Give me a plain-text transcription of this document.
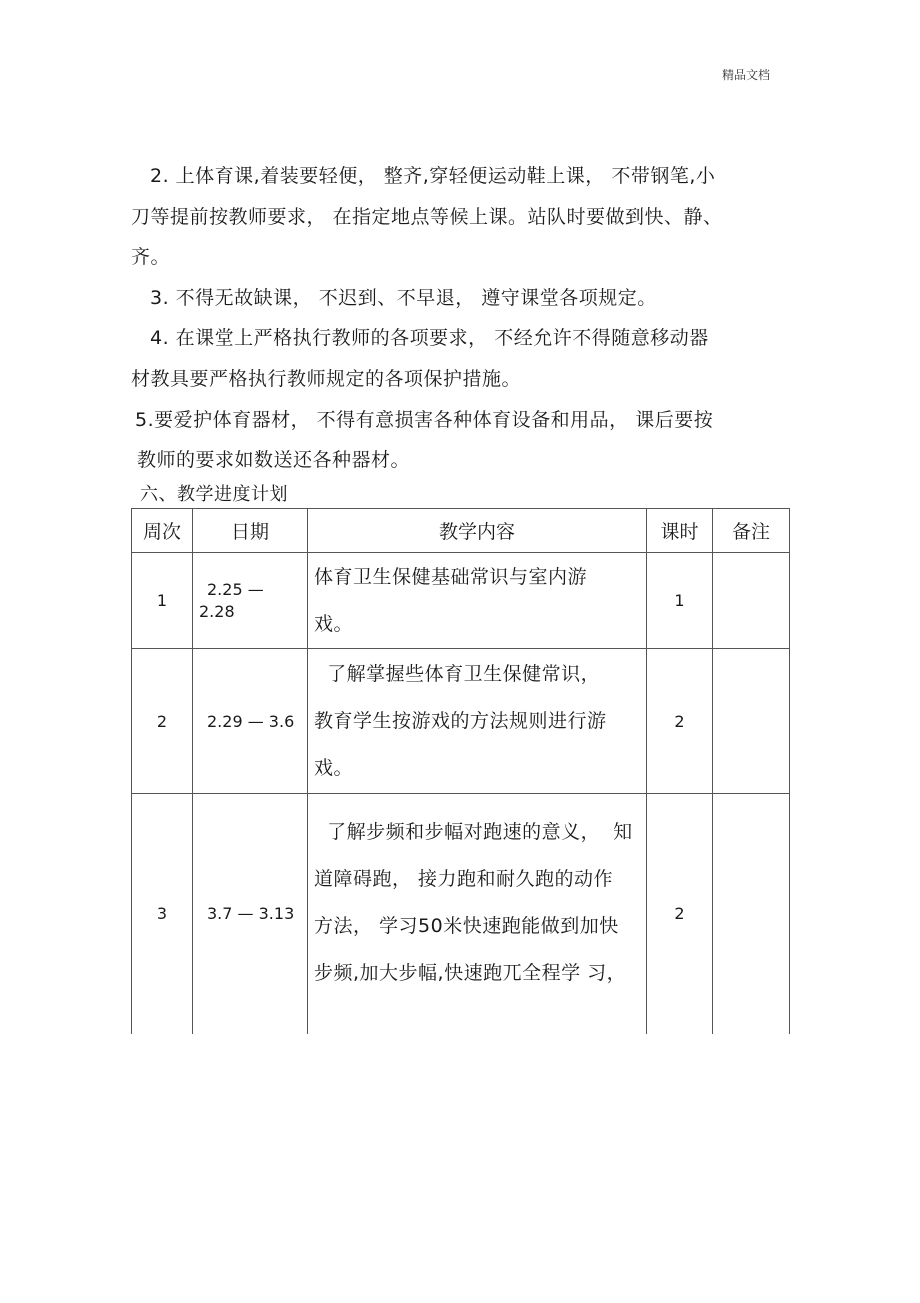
精品文档
2. 上体育课,着装要轻便， 整齐,穿轻便运动鞋上课， 不带钢笔,小
刀等提前按教师要求， 在指定地点等候上课。站队时要做到快、静、
齐。
3. 不得无故缺课， 不迟到、不早退， 遵守课堂各项规定。
4. 在课堂上严格执行教师的各项要求， 不经允许不得随意移动器
材教具要严格执行教师规定的各项保护措施。
5.要爱护体育器材， 不得有意损害各种体育设备和用品， 课后要按
教师的要求如数送还各种器材。
六、教学进度计划
周次	日期	教学内容	课时	备注
1	2.25 —
2.28	体育卫生保健基础常识与室内游
戏。	1	
2	2.29 — 3.6	了解掌握些体育卫生保健常识，
教育学生按游戏的方法规则进行游
戏。	2	
3	3.7 — 3.13	了解步频和步幅对跑速的意义，  知
道障碍跑， 接力跑和耐久跑的动作
方法， 学习50米快速跑能做到加快
步频,加大步幅,快速跑兀全程学 习，	2	
